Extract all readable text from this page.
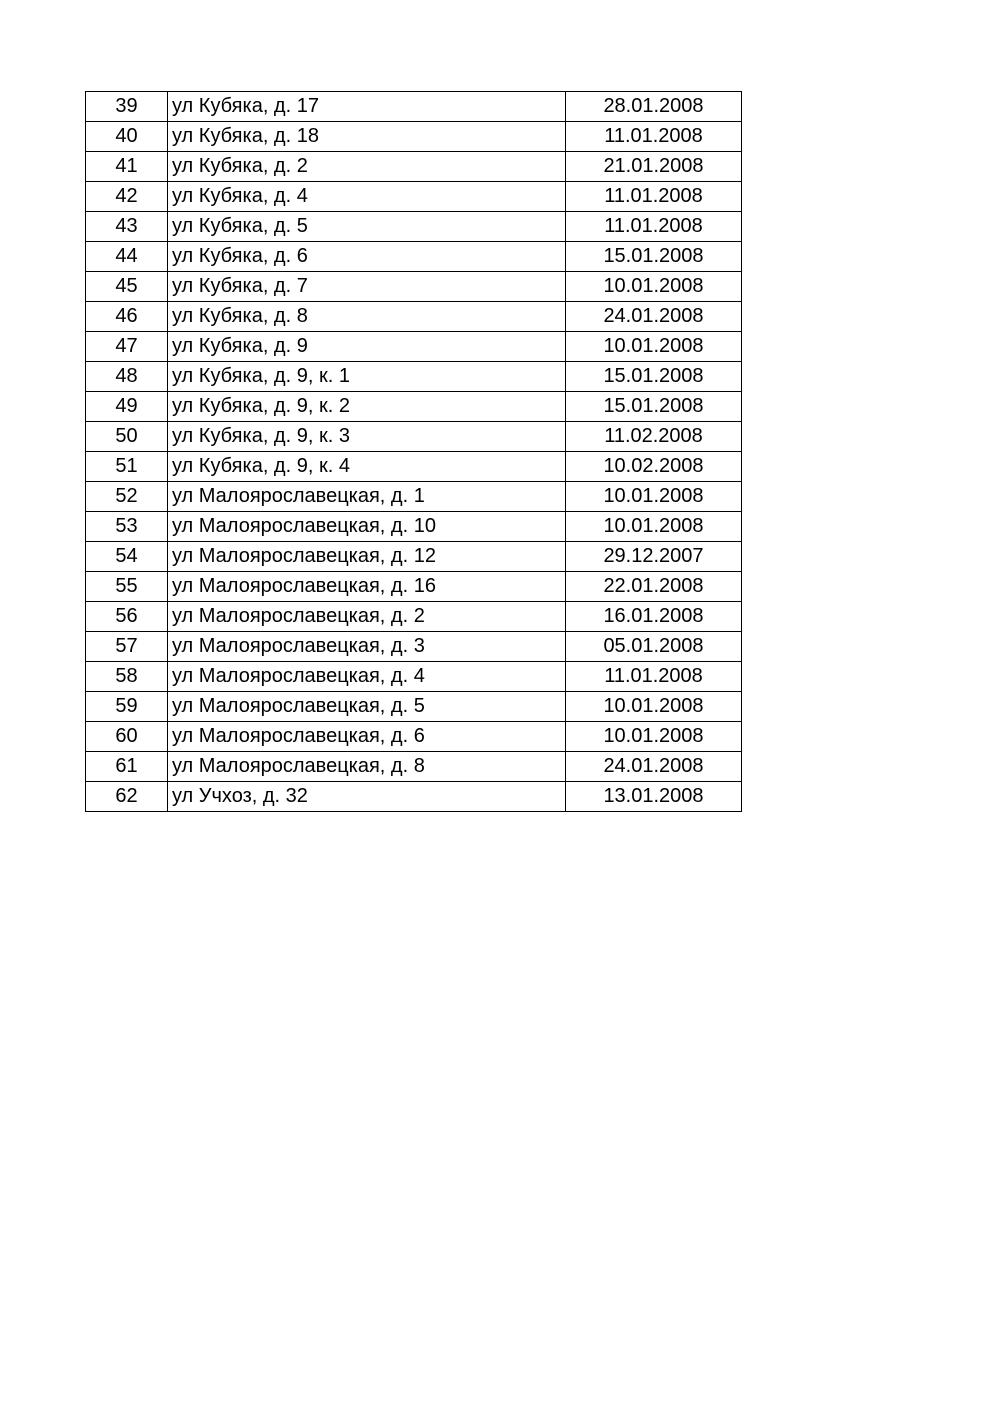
39	ул Кубяка, д. 17	28.01.2008
40	ул Кубяка, д. 18	11.01.2008
41	ул Кубяка, д. 2	21.01.2008
42	ул Кубяка, д. 4	11.01.2008
43	ул Кубяка, д. 5	11.01.2008
44	ул Кубяка, д. 6	15.01.2008
45	ул Кубяка, д. 7	10.01.2008
46	ул Кубяка, д. 8	24.01.2008
47	ул Кубяка, д. 9	10.01.2008
48	ул Кубяка, д. 9, к. 1	15.01.2008
49	ул Кубяка, д. 9, к. 2	15.01.2008
50	ул Кубяка, д. 9, к. 3	11.02.2008
51	ул Кубяка, д. 9, к. 4	10.02.2008
52	ул Малоярославецкая, д. 1	10.01.2008
53	ул Малоярославецкая, д. 10	10.01.2008
54	ул Малоярославецкая, д. 12	29.12.2007
55	ул Малоярославецкая, д. 16	22.01.2008
56	ул Малоярославецкая, д. 2	16.01.2008
57	ул Малоярославецкая, д. 3	05.01.2008
58	ул Малоярославецкая, д. 4	11.01.2008
59	ул Малоярославецкая, д. 5	10.01.2008
60	ул Малоярославецкая, д. 6	10.01.2008
61	ул Малоярославецкая, д. 8	24.01.2008
62	ул Учхоз, д. 32	13.01.2008
